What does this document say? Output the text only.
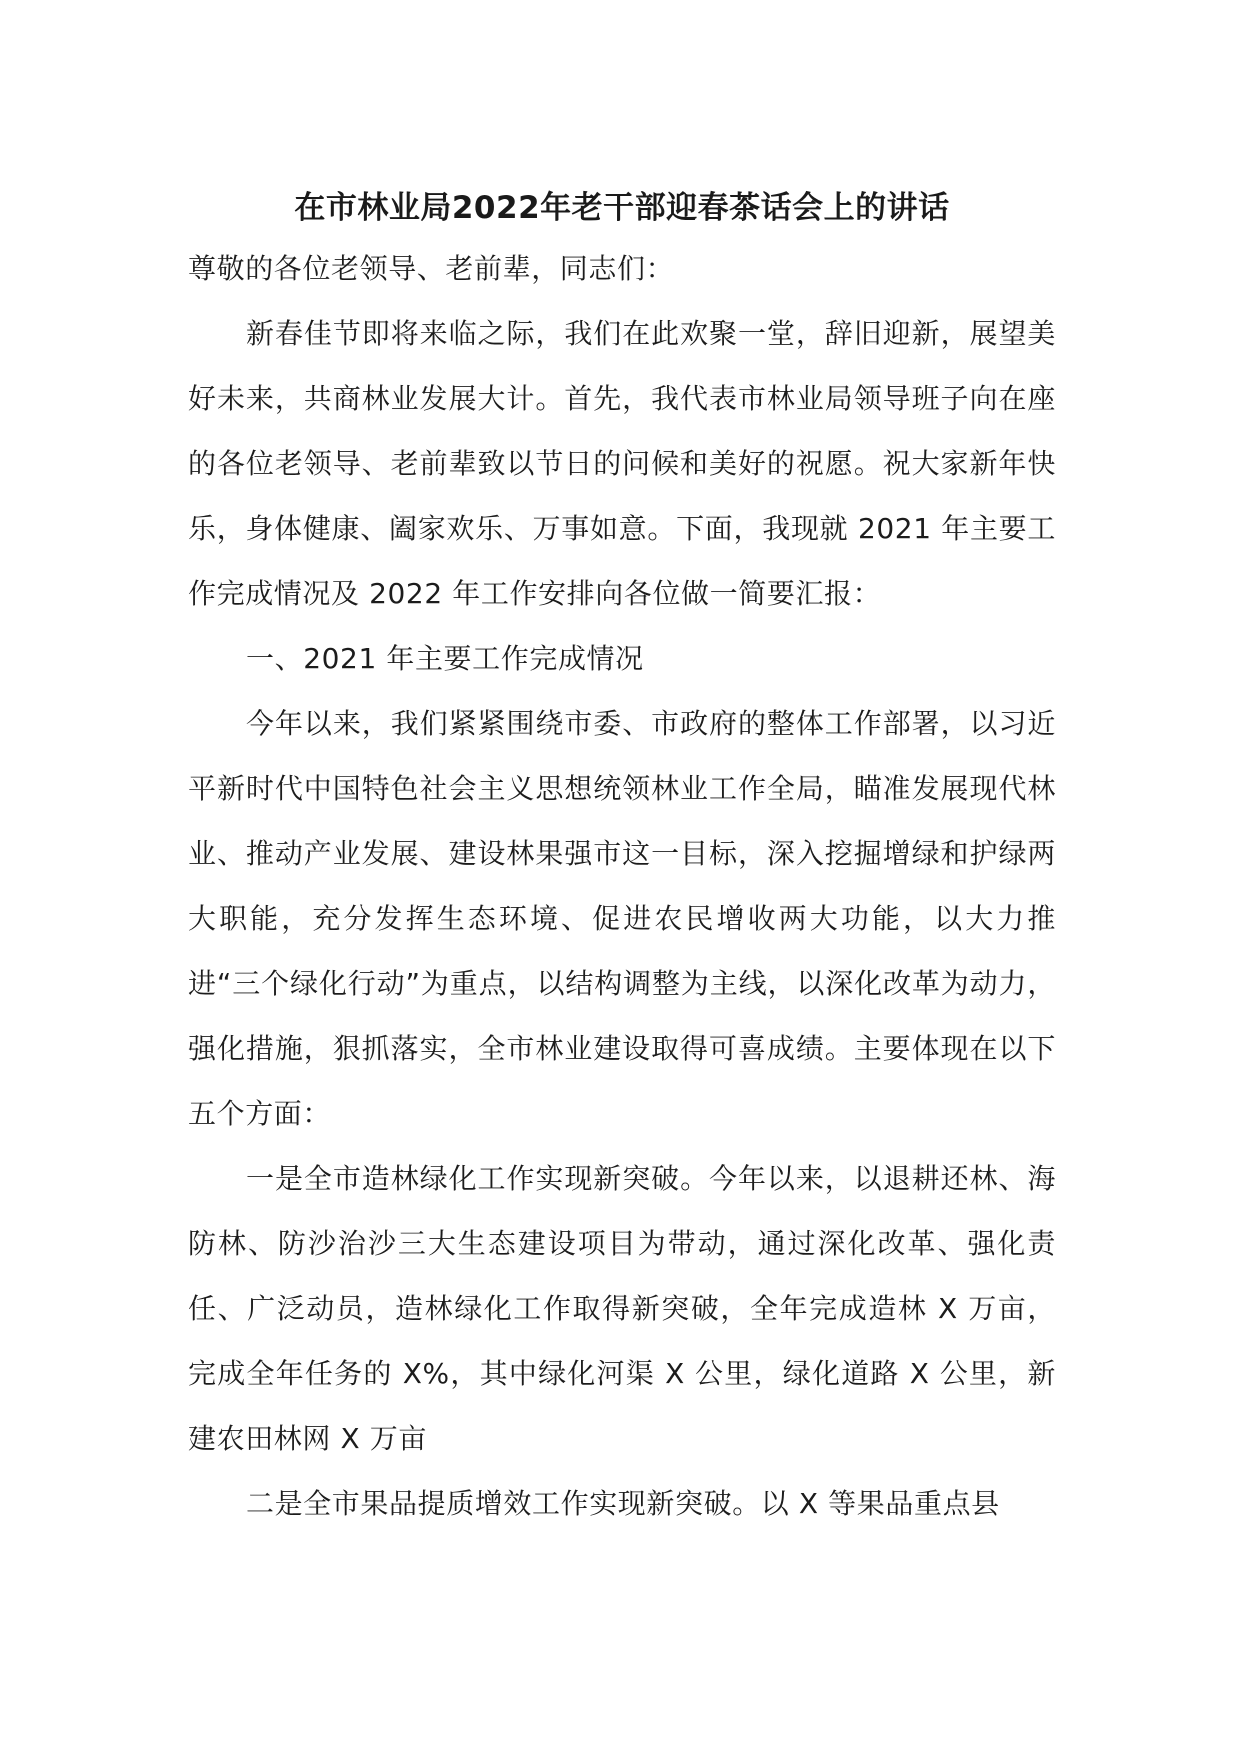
在市林业局2022年老干部迎春茶话会上的讲话

尊敬的各位老领导、老前辈，同志们：

新春佳节即将来临之际，我们在此欢聚一堂，辞旧迎新，展望美好未来，共商林业发展大计。首先，我代表市林业局领导班子向在座的各位老领导、老前辈致以节日的问候和美好的祝愿。祝大家新年快乐，身体健康、阖家欢乐、万事如意。下面，我现就 2021 年主要工作完成情况及 2022 年工作安排向各位做一简要汇报：

一、2021 年主要工作完成情况

今年以来，我们紧紧围绕市委、市政府的整体工作部署，以习近平新时代中国特色社会主义思想统领林业工作全局，瞄准发展现代林业、推动产业发展、建设林果强市这一目标，深入挖掘增绿和护绿两大职能，充分发挥生态环境、促进农民增收两大功能，以大力推进“三个绿化行动”为重点，以结构调整为主线，以深化改革为动力，强化措施，狠抓落实，全市林业建设取得可喜成绩。主要体现在以下五个方面：

一是全市造林绿化工作实现新突破。今年以来，以退耕还林、海防林、防沙治沙三大生态建设项目为带动，通过深化改革、强化责任、广泛动员，造林绿化工作取得新突破，全年完成造林 X 万亩，完成全年任务的 X%，其中绿化河渠 X 公里，绿化道路 X 公里，新建农田林网 X 万亩

二是全市果品提质增效工作实现新突破。以 X 等果品重点县
